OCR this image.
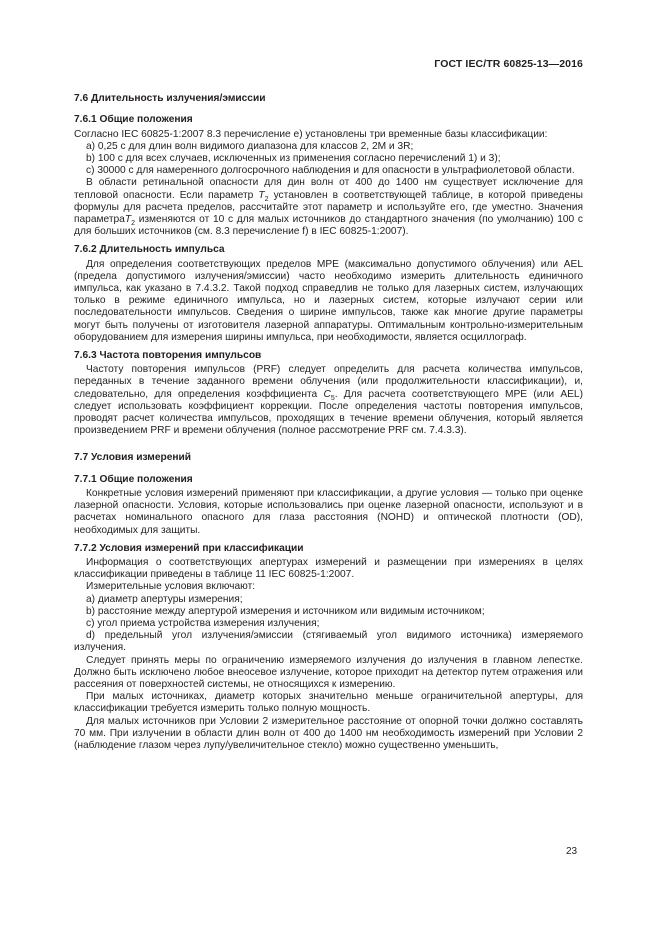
ГОСТ IEC/TR 60825-13—2016
7.6 Длительность излучения/эмиссии
7.6.1 Общие положения

Согласно IEC 60825-1:2007 8.3 перечисление е) установлены три временные базы классификации:

а) 0,25 с для длин волн видимого диапазона для классов 2, 2М и 3R;

b) 100 с для всех случаев, исключенных из применения согласно перечислений 1) и 3);

с) 30000 с для намеренного долгосрочного наблюдения и для опасности в ультрафиолетовой области.

В области ретинальной опасности для дин волн от 400 до 1400 нм существует исключение для тепловой опасности. Если параметр $T_2$ установлен в соответствующей таблице, в которой приведены формулы для расчета пределов, рассчитайте этот параметр и используйте его, где уместно. Значения параметраT$_2$ изменяются от 10 с для малых источников до стандартного значения (по умолчанию) 100 с для больших источников (см. 8.3 перечисление f) в IEC 60825-1:2007).

7.6.2 Длительность импульса

Для определения соответствующих пределов МРЕ (максимально допустимого облучения) или AEL (предела допустимого излучения/эмиссии) часто необходимо измерить длительность единичного импульса, как указано в 7.4.3.2. Такой подход справедлив не только для лазерных систем, излучающих только в режиме единичного импульса, но и лазерных систем, которые излучают серии или последовательности импульсов. Сведения о ширине импульсов, также как многие другие параметры могут быть получены от изготовителя лазерной аппаратуры. Оптимальным контрольно-измерительным оборудованием для измерения ширины импульса, при необходимости, является осциллограф.

7.6.3 Частота повторения импульсов

Частоту повторения импульсов (PRF) следует определить для расчета количества импульсов, переданных в течение заданного времени облучения (или продолжительности классификации), и, следовательно, для определения коэффициента $C_5$. Для расчета соответствующего МРЕ (или AEL) следует использовать коэффициент коррекции. После определения частоты повторения импульсов, проводят расчет количества импульсов, проходящих в течение времени облучения, который является произведением PRF и времени облучения (полное рассмотрение PRF см. 7.4.3.3).

7.7 Условия измерений
7.7.1 Общие положения

Конкретные условия измерений применяют при классификации, а другие условия — только при оценке лазерной опасности. Условия, которые использовались при оценке лазерной опасности, используют и в расчетах номинального опасного для глаза расстояния (NOHD) и оптической плотности (OD), необходимых для защиты.

7.7.2 Условия измерений при классификации

Информация о соответствующих апертурах измерений и размещении при измерениях в целях классификации приведены в таблице 11 IEC 60825-1:2007.

Измерительные условия включают:

а) диаметр апертуры измерения;

b) расстояние между апертурой измерения и источником или видимым источником;

с) угол приема устройства измерения излучения;

d) предельный угол излучения/эмиссии (стягиваемый угол видимого источника) измеряемого излучения.

Следует принять меры по ограничению измеряемого излучения до излучения в главном лепестке. Должно быть исключено любое внеосевое излучение, которое приходит на детектор путем отражения или рассеяния от поверхностей системы, не относящихся к измерению.

При малых источниках, диаметр которых значительно меньше ограничительной апертуры, для классификации требуется измерить только полную мощность.

Для малых источников при Условии 2 измерительное расстояние от опорной точки должно составлять 70 мм. При излучении в области длин волн от 400 до 1400 нм необходимость измерений при Условии 2 (наблюдение глазом через лупу/увеличительное стекло) можно существенно уменьшить,

23
